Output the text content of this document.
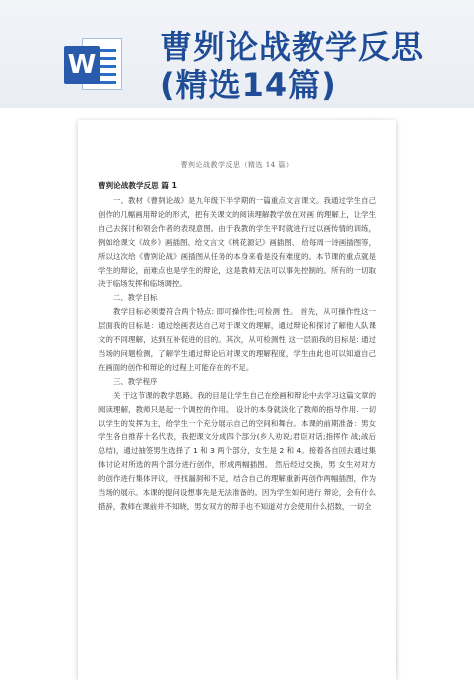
W 曹刿论战教学反思
(精选14篇)
曹刿论战教学反思（精选 14 篇）
曹刿论战教学反思 篇 1

一、教材《曹刿论战》是九年级下半学期的一篇重点文言课文。我通过学生自己创作的几幅画用辩论的形式，把有关课文的阅读理解教学放在对画 的理解上，让学生自己去探讨和领会作者的表现意图。由于我教的学生平时就进行过以画传情的训练，例如给课文《故乡》画插图、给文言文《桃花源记》画插图、 给每周一诗画插图等，所以这次给《曹刿论战》画插图从任务的本身来看是没有难度的。本节课的重点就是学生的辩论，而难点也是学生的辩论，这是教师无法可以事先控制的。所有的一切取决于临场发挥和临场调控。

二、教学目标

教学目标必须要符合两个特点: 即可操作性;可检测 性。 首先，从可操作性这一层面我的目标是：通过绘画表达自己对于课文的理解，通过辩论和探讨了解他人队课文的不同理解，达到互补促进的目的。其次，从可检测性 这一层面我的目标是: 通过当场的问题检测，了解学生通过辩论后对课文的理解程度，学生由此也可以知道自己在画面的创作和辩论的过程上可能存在的不足。

三、教学程序

关 于这节课的教学思路。我的目是让学生自己在绘画和辩论中去学习这篇文章的阅读理解，教师只是起一个调控的作用。 设计的本身就淡化了教师的指导作用. 一切 以学生的发挥为主，给学生一个充分展示自己的空间和舞台。本课的前期准备：男女学生各自推荐十名代表，我把课文分成四个部分(乡人劝说;君臣对话;指挥作 战;战后总结)，通过抽签男生选择了 1 和 3 两个部分，女生是 2 和 4。接着各自回去通过集体讨论对所选的两个部分进行创作，形成两幅插图。 然后经过交换，男 女生对对方的创作进行集体评议，寻找漏洞和不足，结合自己的理解重新再创作两幅插图，作为当场的展示。本课的提问设想事先是无法准备的。因为学生如何进行 辩论，会有什么措辞，教师在课前并不知晓，男女双方的辩手也不知道对方会使用什么招数，一切全
